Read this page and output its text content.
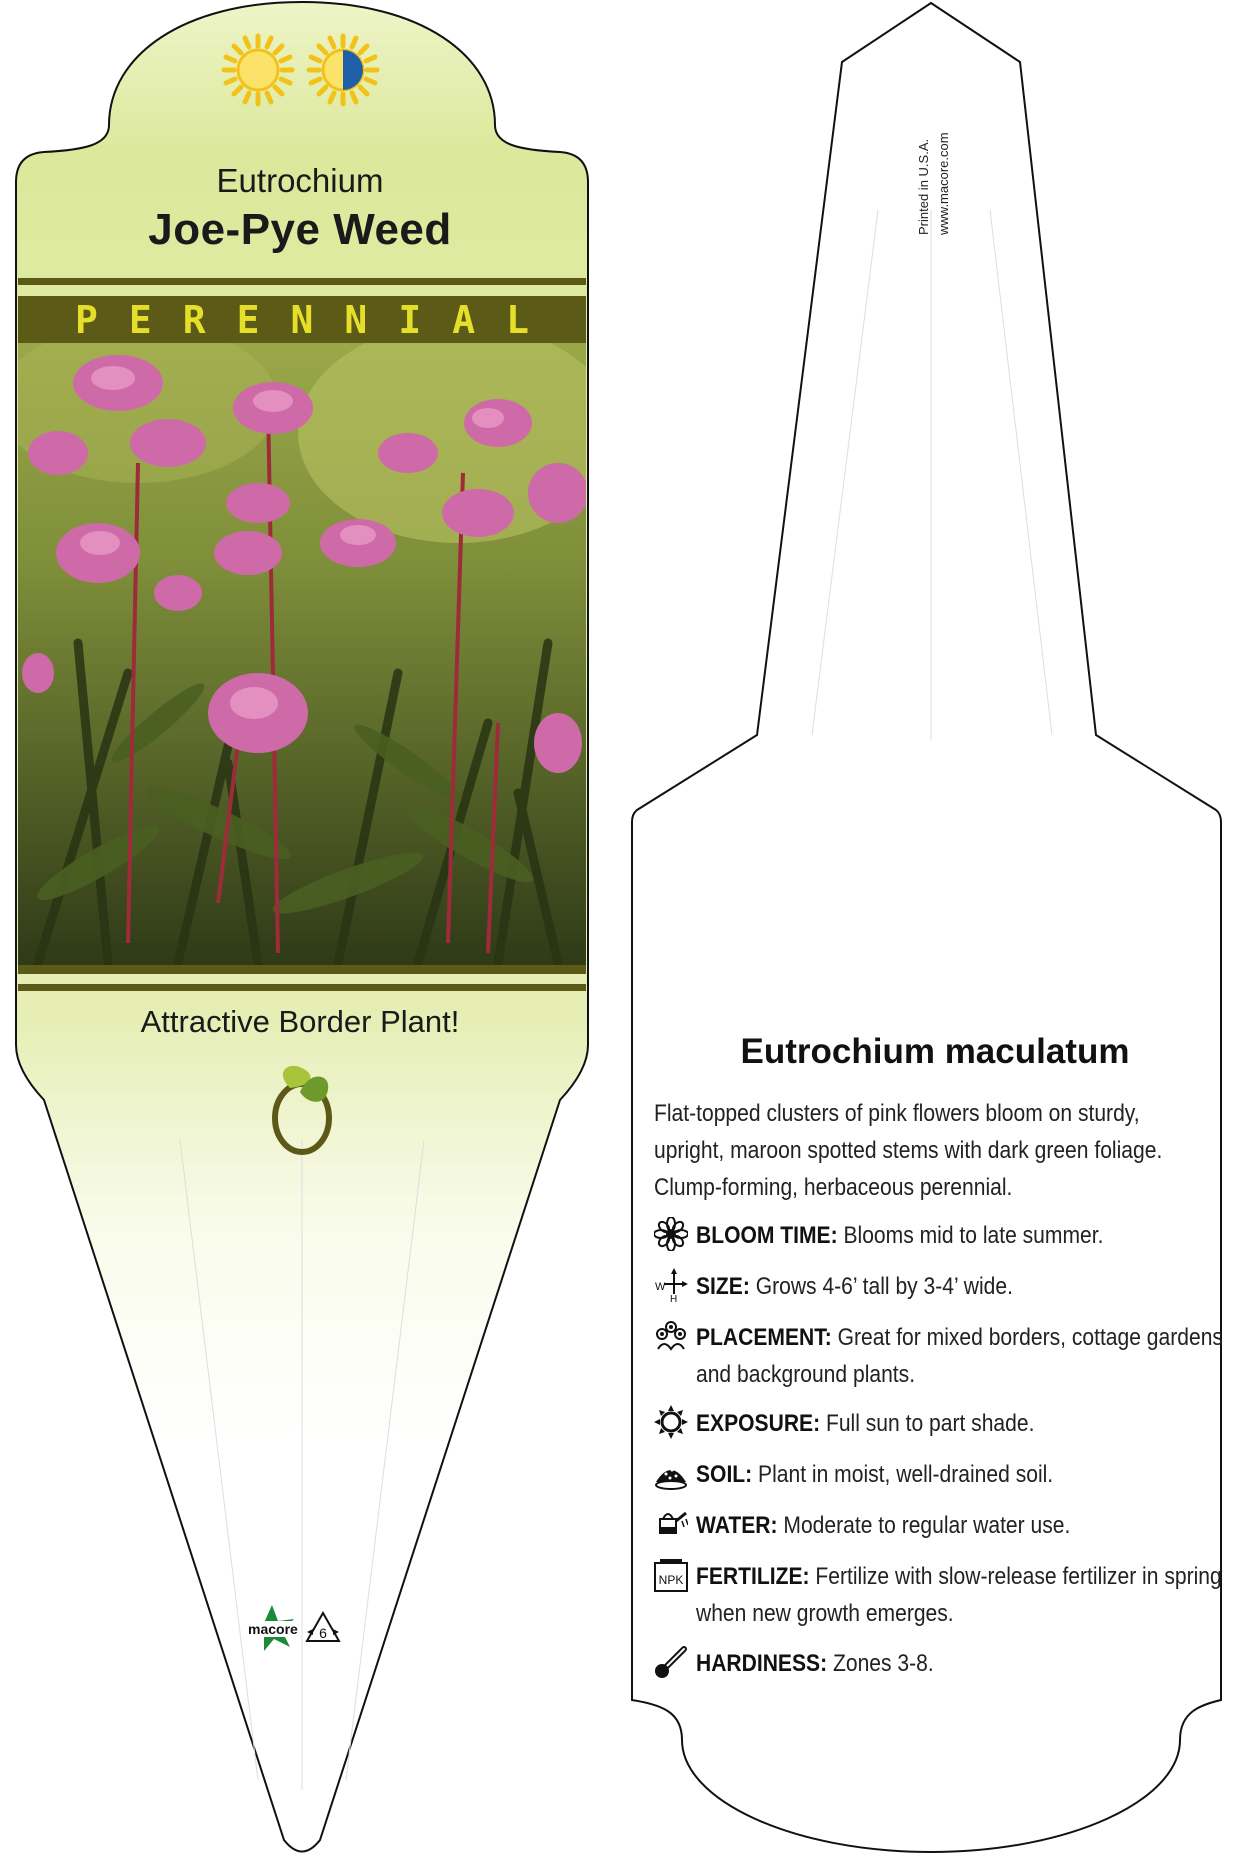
Eutrochium
Joe-Pye Weed
PERENNIAL
Attractive Border Plant!
macore 6
Printed in U.S.A. www.macore.com
Eutrochium maculatum
Flat-topped clusters of pink flowers bloom on sturdy, upright, maroon spotted stems with dark green foliage. Clump-forming, herbaceous perennial.
BLOOM TIME: Blooms mid to late summer.
W
H SIZE: Grows 4-6’ tall by 3-4’ wide.
PLACEMENT: Great for mixed borders, cottage gardens and background plants.
EXPOSURE: Full sun to part shade.
SOIL: Plant in moist, well-drained soil.
WATER: Moderate to regular water use.
NPK FERTILIZE: Fertilize with slow-release fertilizer in spring when new growth emerges.
HARDINESS: Zones 3-8.
